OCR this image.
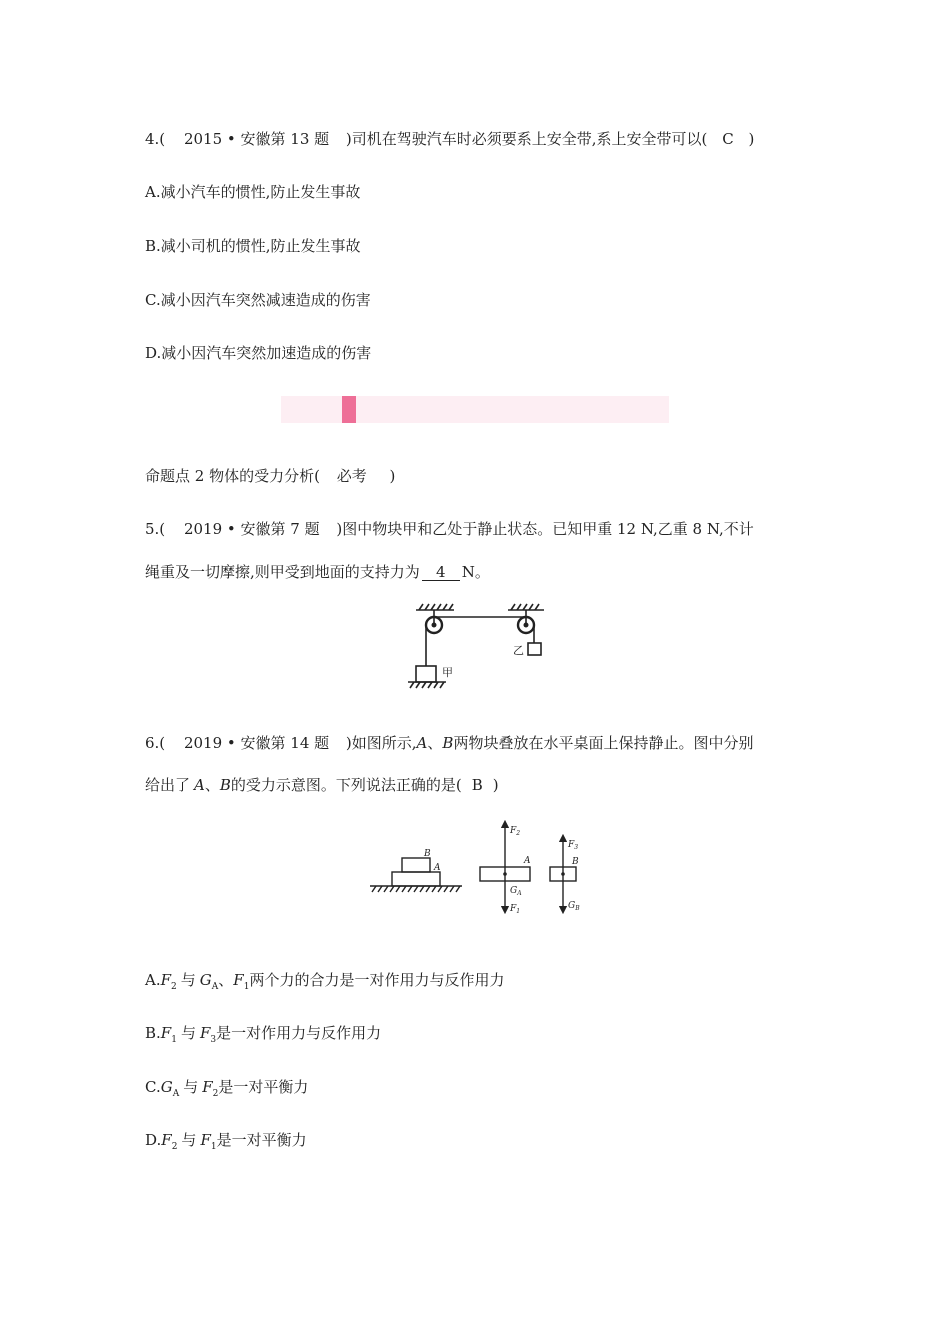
4.( 2015 • 安徽第 13 题 )司机在驾驶汽车时必须要系上安全带,系上安全带可以( C )
A.减小汽车的惯性,防止发生事故
B.减小司机的惯性,防止发生事故
C.减小因汽车突然减速造成的伤害
D.减小因汽车突然加速造成的伤害
命题点 2 物体的受力分析( 必考 )
5.( 2019 • 安徽第 7 题 )图中物块甲和乙处于静止状态。已知甲重 12 N,乙重 8 N,不计
绳重及一切摩擦,则甲受到地面的支持力为 4 N。
甲
乙
6.( 2019 • 安徽第 14 题 )如图所示,A、B两物块叠放在水平桌面上保持静止。图中分别
给出了 A、B的受力示意图。下列说法正确的是( B )
B
A
A	B
$F_2$
$G_A$
$F_1$
$F_3$
$G_B$
$A.F_2$ 与 $G_A$、$F_1$两个力的合力是一对作用力与反作用力
$B.F_1$ 与 $F_3$是一对作用力与反作用力
$C.G_A$ 与 $F_2$是一对平衡力
$D.F_2$ 与 $F_1$是一对平衡力
